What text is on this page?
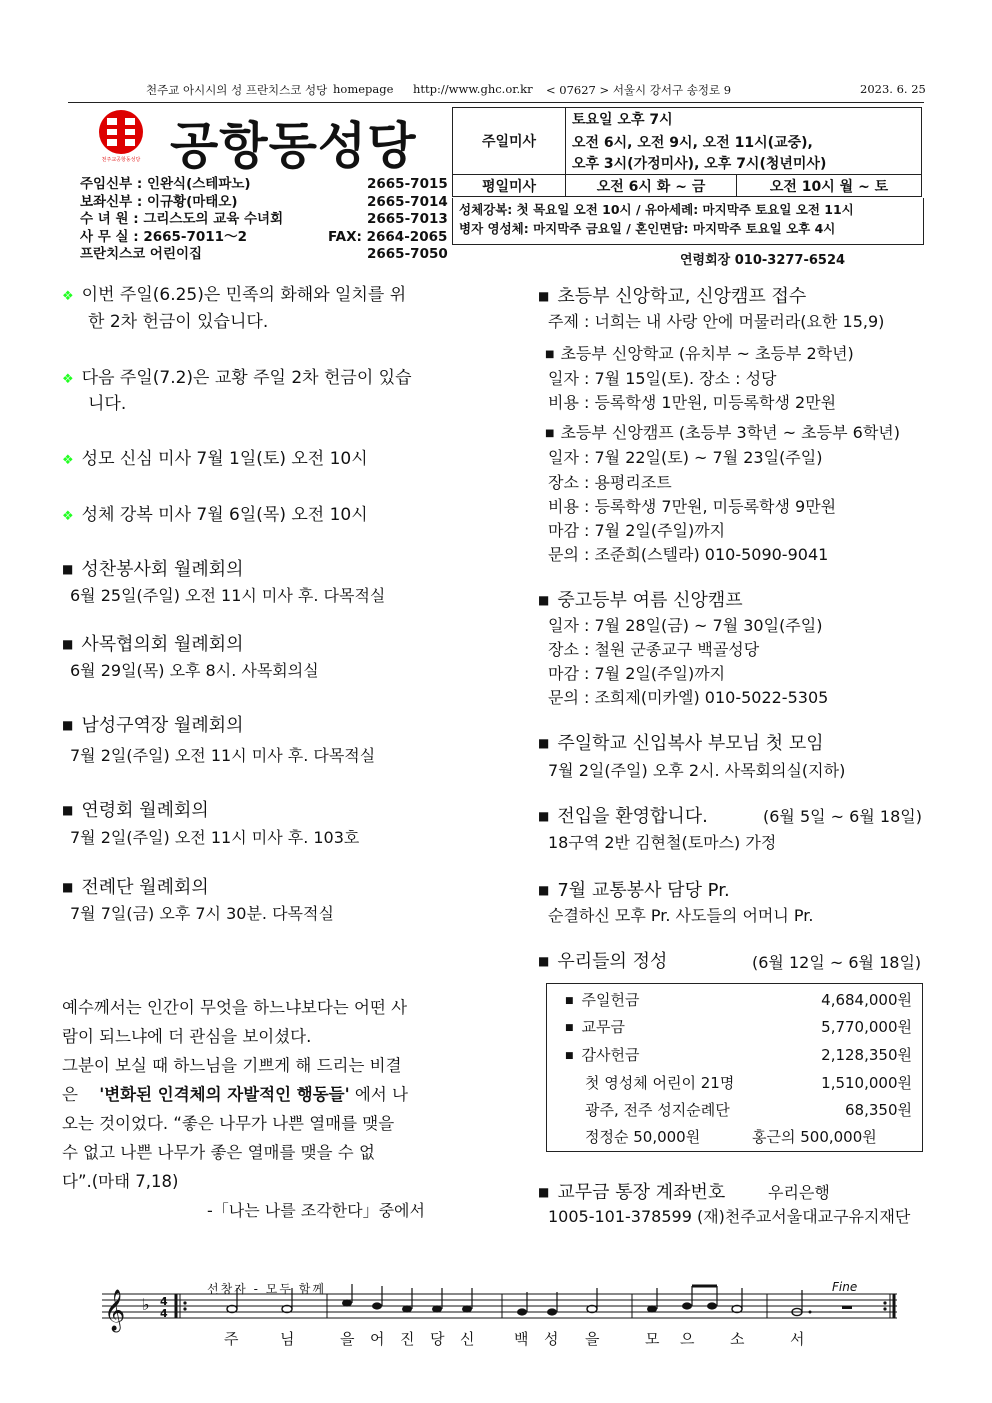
천주교 아시시의 성 프란치스코 성당 homepage http://www.ghc.or.kr < 07627 > 서울시 강서구 송정로 9	2023. 6. 25
천주교공항동성당 공항동성당
주임신부 : 인완식(스테파노)	2665-7015
보좌신부 : 이규황(마태오)	2665-7014
수 녀 원 : 그리스도의 교육 수녀회	2665-7013
사 무 실 : 2665-7011～2	FAX: 2664-2065
프란치스코 어린이집	2665-7050
주일미사	토요일 오후 7시	
	오전 6시, 오전 9시, 오전 11시(교중),	
	오후 3시(가정미사), 오후 7시(청년미사)	
평일미사	오전 6시 화 ~ 금	오전 10시 월 ~ 토
성체강복: 첫 목요일 오전 10시 / 유아세례: 마지막주 토요일 오전 11시
병자 영성체: 마지막주 금요일 / 혼인면담: 마지막주 토요일 오후 4시
연령회장 010-3277-6524
❖ 이번 주일(6.25)은 민족의 화해와 일치를 위
한 2차 헌금이 있습니다.
❖ 다음 주일(7.2)은 교황 주일 2차 헌금이 있습
니다.
❖ 성모 신심 미사 7월 1일(토) 오전 10시
❖ 성체 강복 미사 7월 6일(목) 오전 10시
■ 성찬봉사회 월례회의
6월 25일(주일) 오전 11시 미사 후. 다목적실
■ 사목협의회 월례회의
6월 29일(목) 오후 8시. 사목회의실
■ 남성구역장 월례회의
7월 2일(주일) 오전 11시 미사 후. 다목적실
■ 연령회 월례회의
7월 2일(주일) 오전 11시 미사 후. 103호
■ 전례단 월례회의
7월 7일(금) 오후 7시 30분. 다목적실
예수께서는 인간이 무엇을 하느냐보다는 어떤 사
람이 되느냐에 더 관심을 보이셨다.
그분이 보실 때 하느님을 기쁘게 해 드리는 비결
은 '변화된 인격체의 자발적인 행동들' 에서 나
오는 것이었다. “좋은 나무가 나쁜 열매를 맺을
수 없고 나쁜 나무가 좋은 열매를 맺을 수 없
다”.(마태 7,18)
-「나는 나를 조각한다」중에서
■ 초등부 신앙학교, 신앙캠프 접수
주제 : 너희는 내 사랑 안에 머물러라(요한 15,9)
■ 초등부 신앙학교 (유치부 ~ 초등부 2학년)
일자 : 7월 15일(토). 장소 : 성당
비용 : 등록학생 1만원, 미등록학생 2만원
■ 초등부 신앙캠프 (초등부 3학년 ~ 초등부 6학년)
일자 : 7월 22일(토) ~ 7월 23일(주일)
장소 : 용평리조트
비용 : 등록학생 7만원, 미등록학생 9만원
마감 : 7월 2일(주일)까지
문의 : 조준희(스텔라) 010-5090-9041
■ 중고등부 여름 신앙캠프
일자 : 7월 28일(금) ~ 7월 30일(주일)
장소 : 철원 군종교구 백골성당
마감 : 7월 2일(주일)까지
문의 : 조희제(미카엘) 010-5022-5305
■ 주일학교 신입복사 부모님 첫 모임
7월 2일(주일) 오후 2시. 사목회의실(지하)
■ 전입을 환영합니다.	(6월 5일 ~ 6월 18일)
18구역 2반 김현철(토마스) 가정
■ 7월 교통봉사 담당 Pr.
순결하신 모후 Pr. 사도들의 어머니 Pr.
■ 우리들의 정성	(6월 12일 ~ 6월 18일)
■ 주일헌금	4,684,000원
■ 교무금	5,770,000원
■ 감사헌금	2,128,350원
첫 영성체 어린이 21명	1,510,000원
광주, 전주 성지순례단	68,350원
정정순 50,000원	홍근의 500,000원
■ 교무금 통장 계좌번호	우리은행
1005-101-378599 (재)천주교서울대교구유지재단
𝄞 ♭ 4
4
선창자 - 모두 함께	Fine
주	님	을 어 진 당 신	백 성 을	모 으 소	서
